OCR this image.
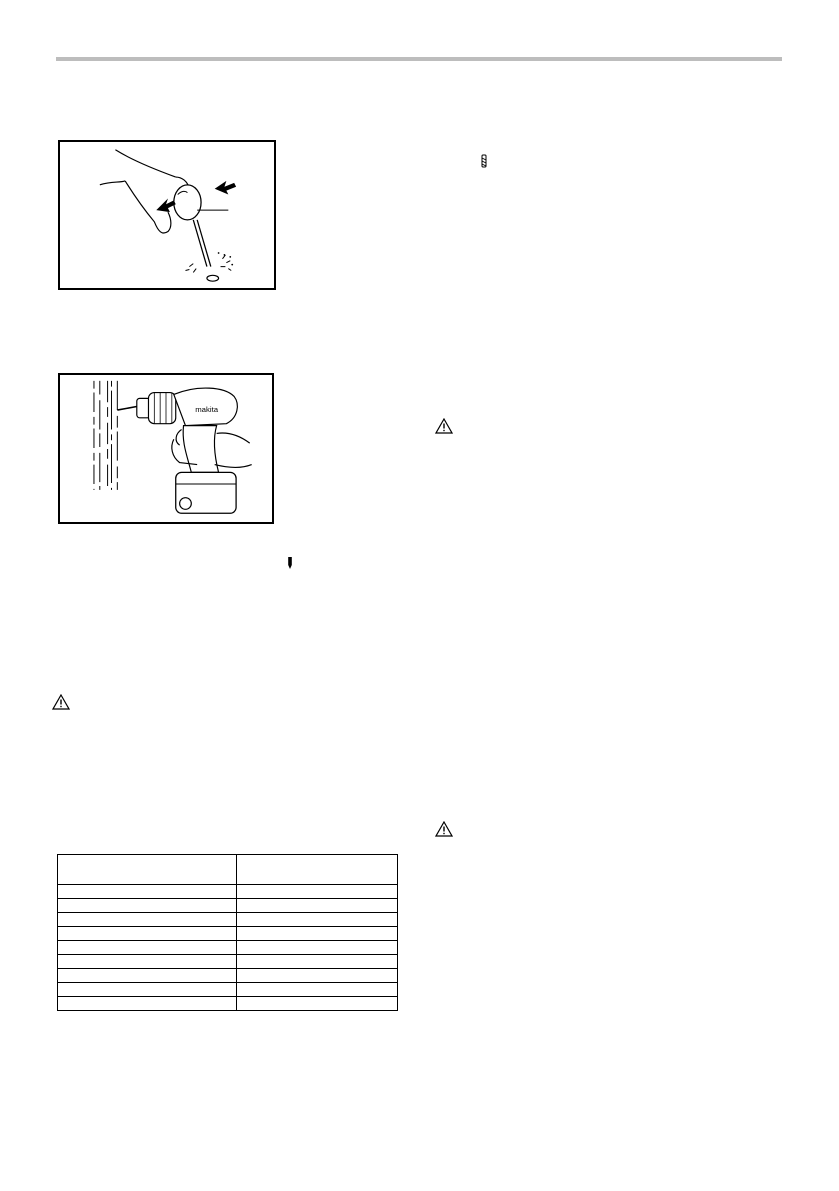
makita
